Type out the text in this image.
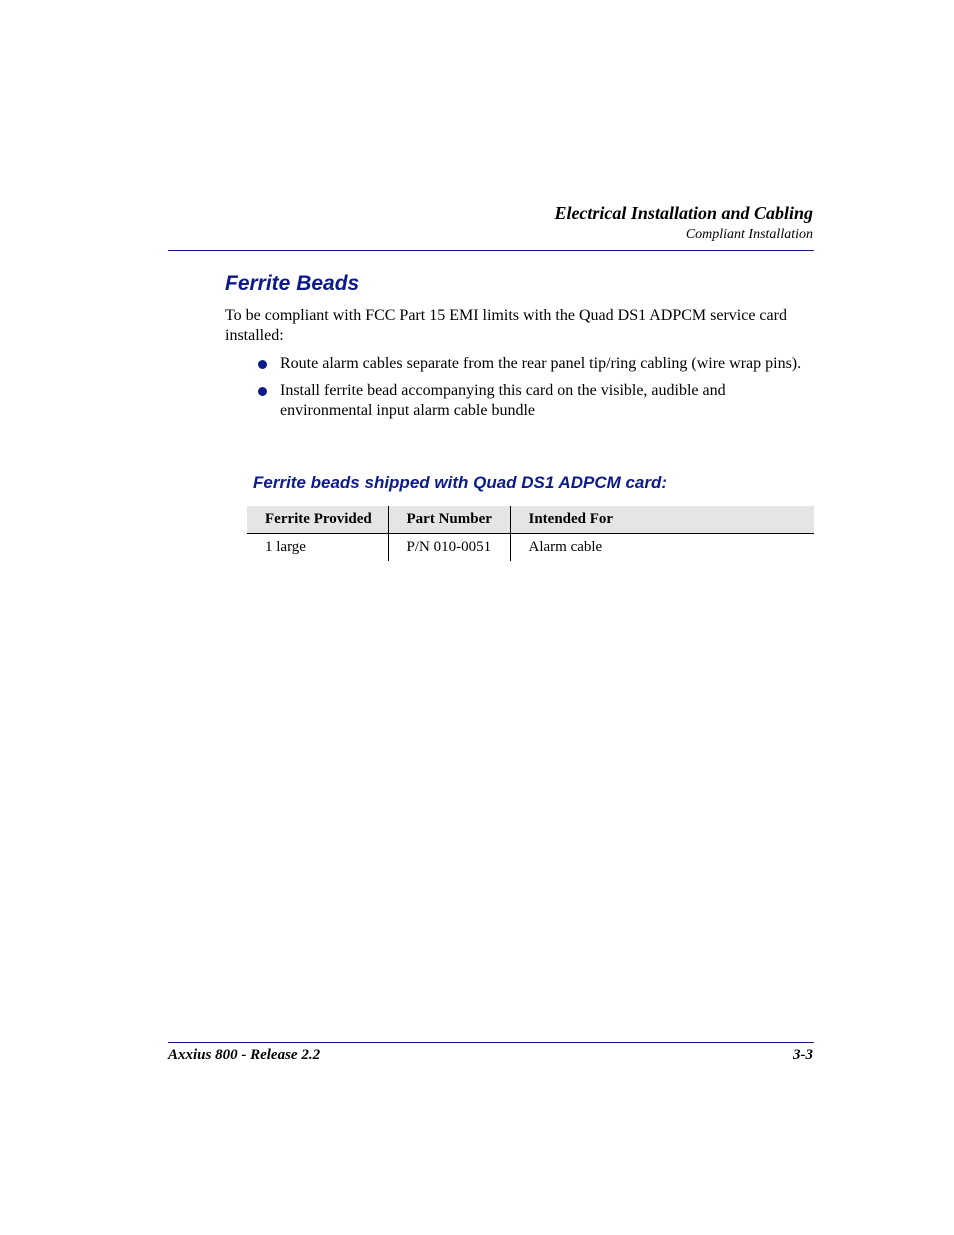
Electrical Installation and Cabling
Compliant Installation
Ferrite Beads

To be compliant with FCC Part 15 EMI limits with the Quad DS1 ADPCM service card installed:

Route alarm cables separate from the rear panel tip/ring cabling (wire wrap pins).
Install ferrite bead accompanying this card on the visible, audible and environmental input alarm cable bundle
Ferrite beads shipped with Quad DS1 ADPCM card:
Ferrite Provided	Part Number	Intended For
1 large	P/N 010-0051	Alarm cable
Axxius 800 - Release 2.2	3-3
